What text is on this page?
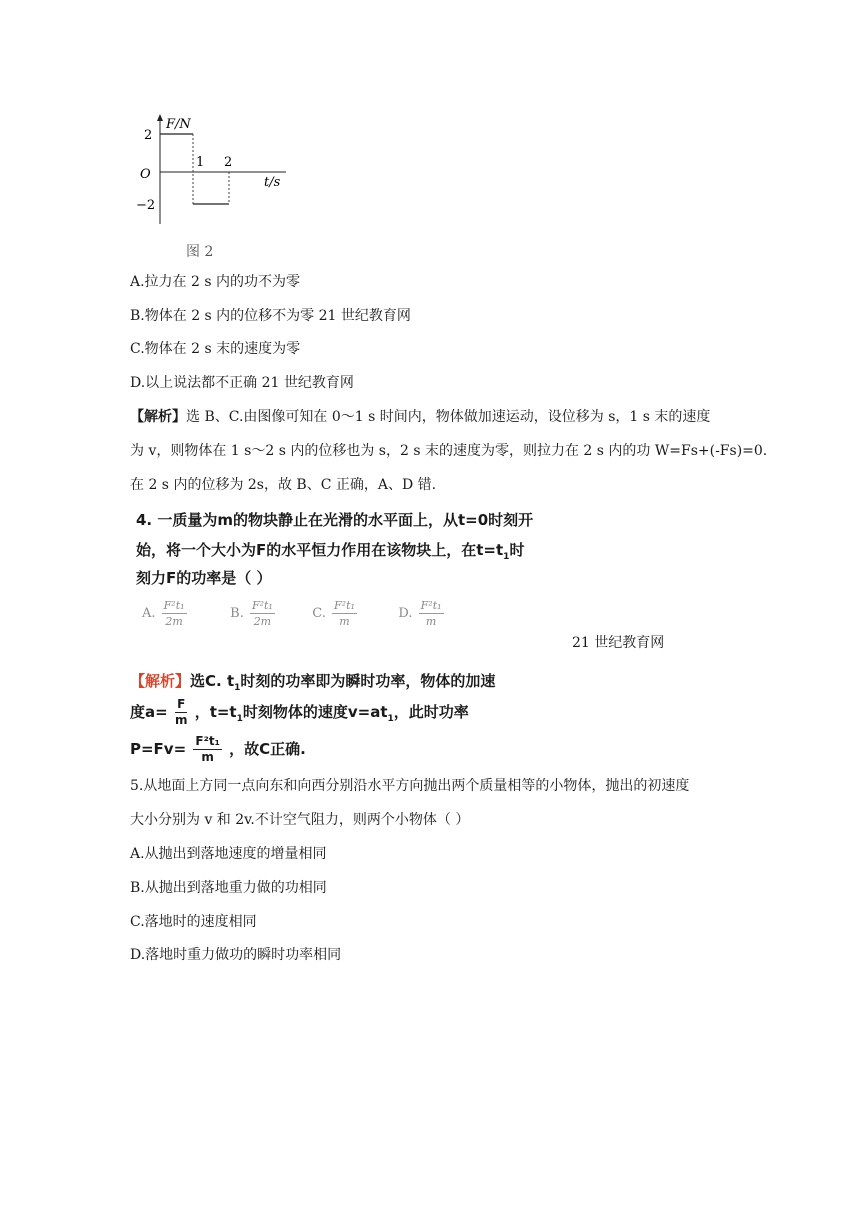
F/N
2
O
−2
1 2
t/s
图 2
A.拉力在 2 s 内的功不为零
B.物体在 2 s 内的位移不为零 21 世纪教育网
C.物体在 2 s 末的速度为零
D.以上说法都不正确 21 世纪教育网
【解析】选 B、C.由图像可知在 0～1 s 时间内，物体做加速运动，设位移为 s，1 s 末的速度
为 v，则物体在 1 s～2 s 内的位移也为 s，2 s 末的速度为零，则拉力在 2 s 内的功 W=Fs+(-Fs)=0.
在 2 s 内的位移为 2s，故 B、C 正确，A、D 错.
4. 一质量为m的物块静止在光滑的水平面上，从t=0时刻开
始，将一个大小为F的水平恒力作用在该物块上，在$t=t_1$时
刻力F的功率是（ ）
A. $\frac{\text{F²t₁}}{2m}$	B. $\frac{\text{F²t₁}}{2m}$	C. $\frac{\text{F²t₁}}{m}$	D. $\frac{\text{F²t₁}}{m}$
21 世纪教育网
【解析】选C. $t_1$时刻的功率即为瞬时功率，物体的加速
度$a= \frac{F}{m}$ ，$t=t_1$时刻物体的速度$v=at_1$，此时功率
$P=Fv= \frac{\text{F²t₁}}{m}$ ，故C正确.
5.从地面上方同一点向东和向西分别沿水平方向抛出两个质量相等的小物体，抛出的初速度
大小分别为 v 和 2v.不计空气阻力，则两个小物体（ ）
A.从抛出到落地速度的增量相同
B.从抛出到落地重力做的功相同
C.落地时的速度相同
D.落地时重力做功的瞬时功率相同
